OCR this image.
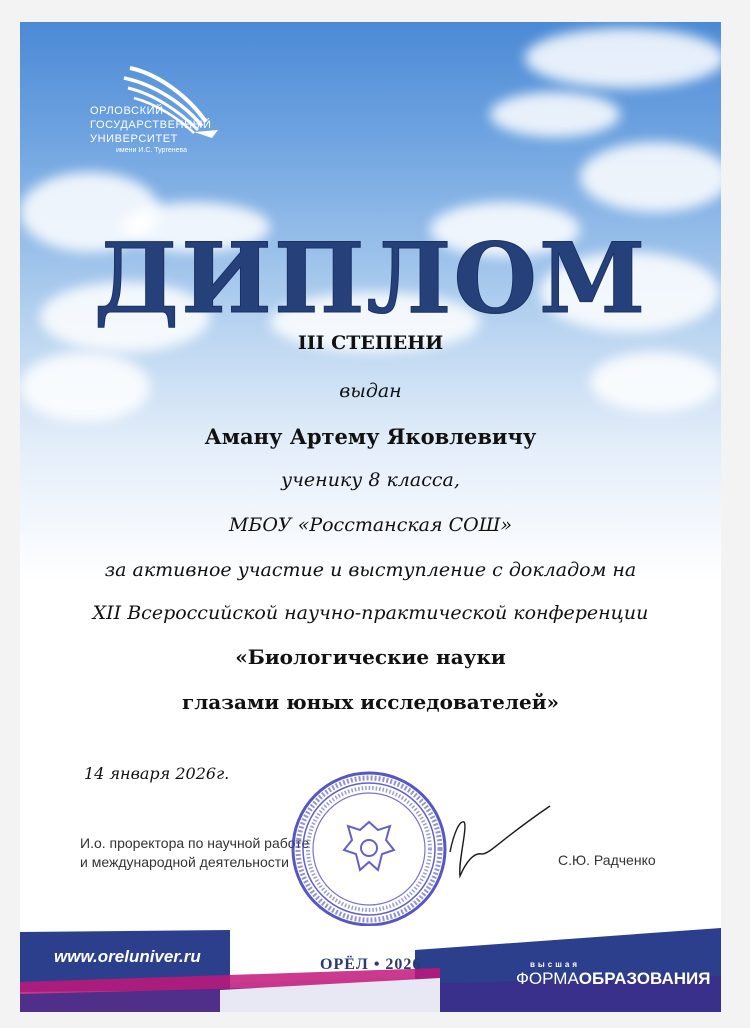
ОРЛОВСКИЙ
ГОСУДАРСТВЕННЫЙ
УНИВЕРСИТЕТ
имени И.С. Тургенева
ДИПЛОМ
III СТЕПЕНИ
выдан
Аману Артему Яковлевичу
ученику 8 класса,
МБОУ «Росстанская СОШ»
за активное участие и выступление с докладом на
XII Всероссийской научно-практической конференции
«Биологические науки
глазами юных исследователей»
14 января 2026г.
И.о. проректора по научной работе
и международной деятельности	С.Ю. Радченко
www.oreluniver.ru	ОРЁЛ • 2026	высшая
ФОРМАОБРАЗОВАНИЯ
